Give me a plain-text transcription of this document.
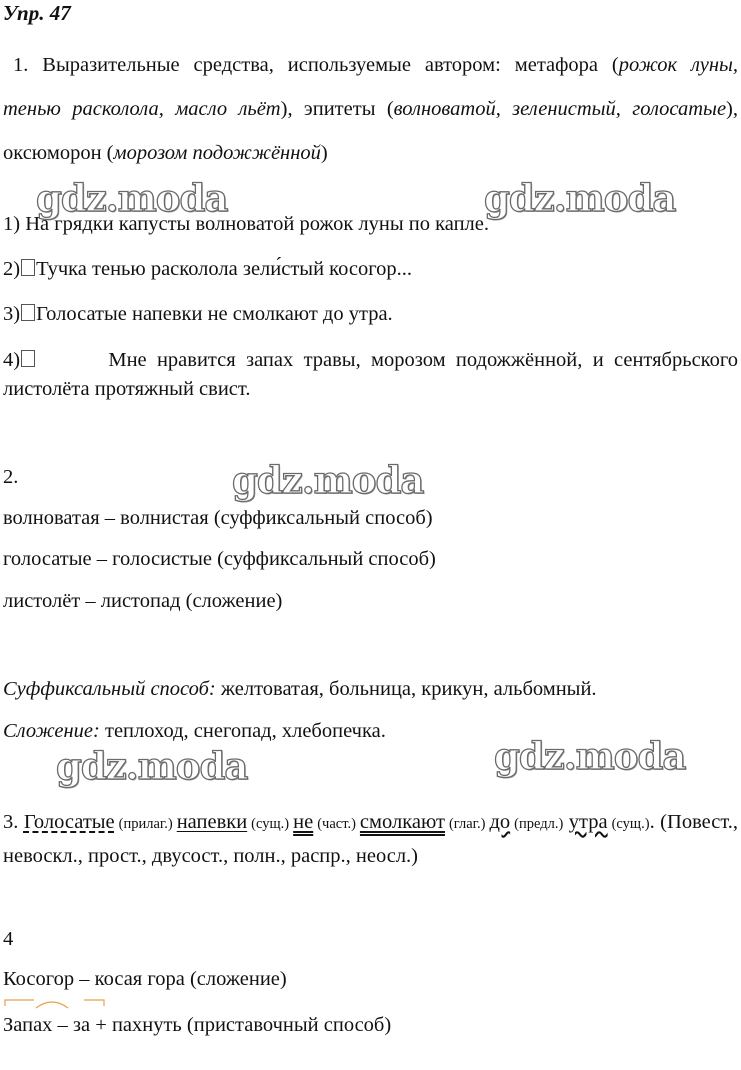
Упр. 47
1. Выразительные средства, используемые автором: метафора (рожок луны, тенью расколола, масло льёт), эпитеты (волноватой, зеленистый, голосатые), оксюморон (морозом подожжённой)
gdz.moda	gdz.moda
1) На грядки капусты волноватой рожок луны по капле.
2) Тучка тенью расколола зели́стый косогор...
3) Голосатые напевки не смолкают до утра.
4)	Мне нравится запах травы, морозом подожжённой, и сентябрьского листолёта протяжный свист.
2.	gdz.moda
волноватая – волнистая (суффиксальный способ)
голосатые – голосистые (суффиксальный способ)
листолёт – листопад (сложение)
Суффиксальный способ: желтоватая, больница, крикун, альбомный.
Сложение: теплоход, снегопад, хлебопечка.
gdz.moda	gdz.moda
3. Голосатые (прилаг.) напевки (сущ.) не (част.) смолкают (глаг.) до (предл.) утра (сущ.). (Повест., невоскл., прост., двусост., полн., распр., неосл.)
4
Косогор – косая гора (сложение)
Запах – за + пахнуть (приставочный способ)
